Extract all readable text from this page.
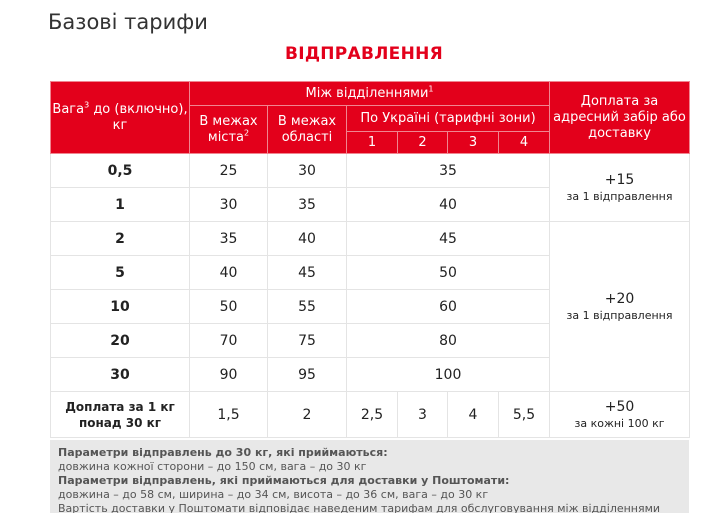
Базові тарифи
ВІДПРАВЛЕННЯ
Вага$^3$ до (включно), кг	Між відділеннями$^1$						Доплата за адресний забір або доставку
	В межах міста$^2$	В межах області	По Україні (тарифні зони)				
			1	2	3	4	
0,5	25	30	35				+15
за 1 відправлення

1	30	35	40				
2	35	40	45				+20
за 1 відправлення

5	40	45	50				
10	50	55	60				
20	70	75	80				
30	90	95	100				
Доплата за 1 кг понад 30 кг	1,5	2	2,5	3	4	5,5	+50
за кожні 100 кг
Параметри відправлень до 30 кг, які приймаються:
довжина кожної сторони – до 150 см, вага – до 30 кг
Параметри відправлень, які приймаються для доставки у Поштомати:
довжина – до 58 см, ширина – до 34 см, висота – до 36 см, вага – до 30 кг
Вартість доставки у Поштомати відповідає наведеним тарифам для обслуговування між відділеннями
